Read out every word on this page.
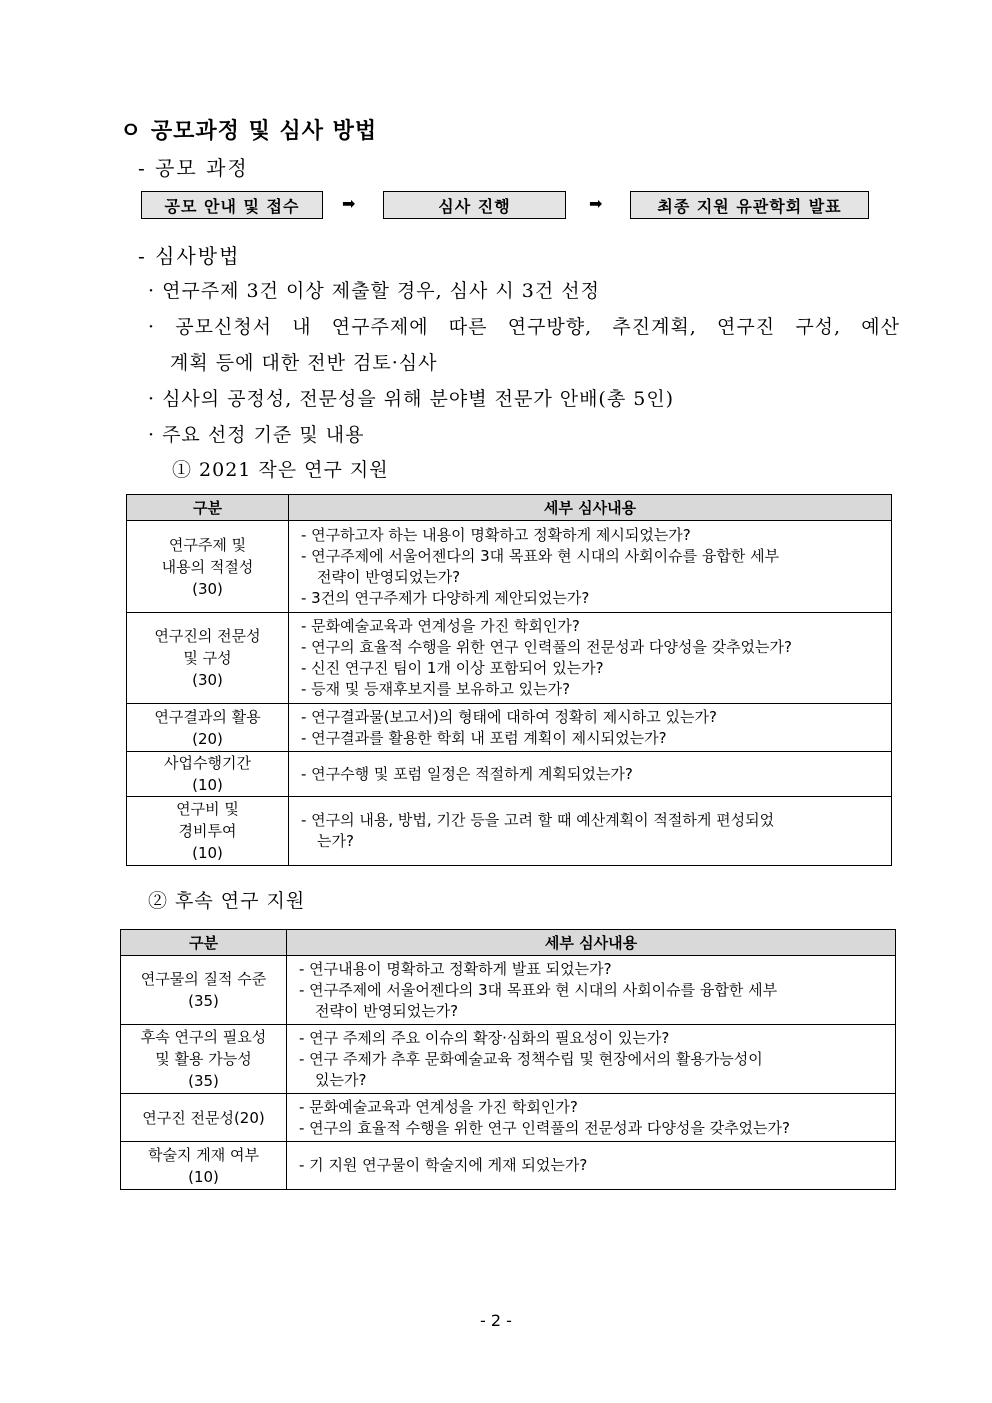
ㅇ 공모과정 및 심사 방법
- 공모 과정
공모 안내 및 접수	➡	심사 진행	➡	최종 지원 유관학회 발표
- 심사방법
· 연구주제 3건 이상 제출할 경우, 심사 시 3건 선정
· 공모신청서 내 연구주제에 따른 연구방향, 추진계획, 연구진 구성, 예산
계획 등에 대한 전반 검토·심사
· 심사의 공정성, 전문성을 위해 분야별 전문가 안배(총 5인)
· 주요 선정 기준 및 내용
① 2021 작은 연구 지원
구분	세부 심사내용

연구주제 및
내용의 적절성
(30)	- 연구하고자 하는 내용이 명확하고 정확하게 제시되었는가?
- 연구주제에 서울어젠다의 3대 목표와 현 시대의 사회이슈를 융합한 세부
전략이 반영되었는가?
- 3건의 연구주제가 다양하게 제안되었는가?

연구진의 전문성
및 구성
(30)	- 문화예술교육과 연계성을 가진 학회인가?
- 연구의 효율적 수행을 위한 연구 인력풀의 전문성과 다양성을 갖추었는가?
- 신진 연구진 팀이 1개 이상 포함되어 있는가?
- 등재 및 등재후보지를 보유하고 있는가?

연구결과의 활용
(20)	- 연구결과물(보고서)의 형태에 대하여 정확히 제시하고 있는가?
- 연구결과를 활용한 학회 내 포럼 계획이 제시되었는가?

사업수행기간
(10)	- 연구수행 및 포럼 일정은 적절하게 계획되었는가?

연구비 및
경비투여
(10)	- 연구의 내용, 방법, 기간 등을 고려 할 때 예산계획이 적절하게 편성되었
는가?
② 후속 연구 지원
구분	세부 심사내용

연구물의 질적 수준
(35)	- 연구내용이 명확하고 정확하게 발표 되었는가?
- 연구주제에 서울어젠다의 3대 목표와 현 시대의 사회이슈를 융합한 세부
전략이 반영되었는가?

후속 연구의 필요성
및 활용 가능성
(35)	- 연구 주제의 주요 이슈의 확장·심화의 필요성이 있는가?
- 연구 주제가 추후 문화예술교육 정책수립 및 현장에서의 활용가능성이
있는가?

연구진 전문성(20)	- 문화예술교육과 연계성을 가진 학회인가?
- 연구의 효율적 수행을 위한 연구 인력풀의 전문성과 다양성을 갖추었는가?

학술지 게재 여부
(10)	- 기 지원 연구물이 학술지에 게재 되었는가?
- 2 -
